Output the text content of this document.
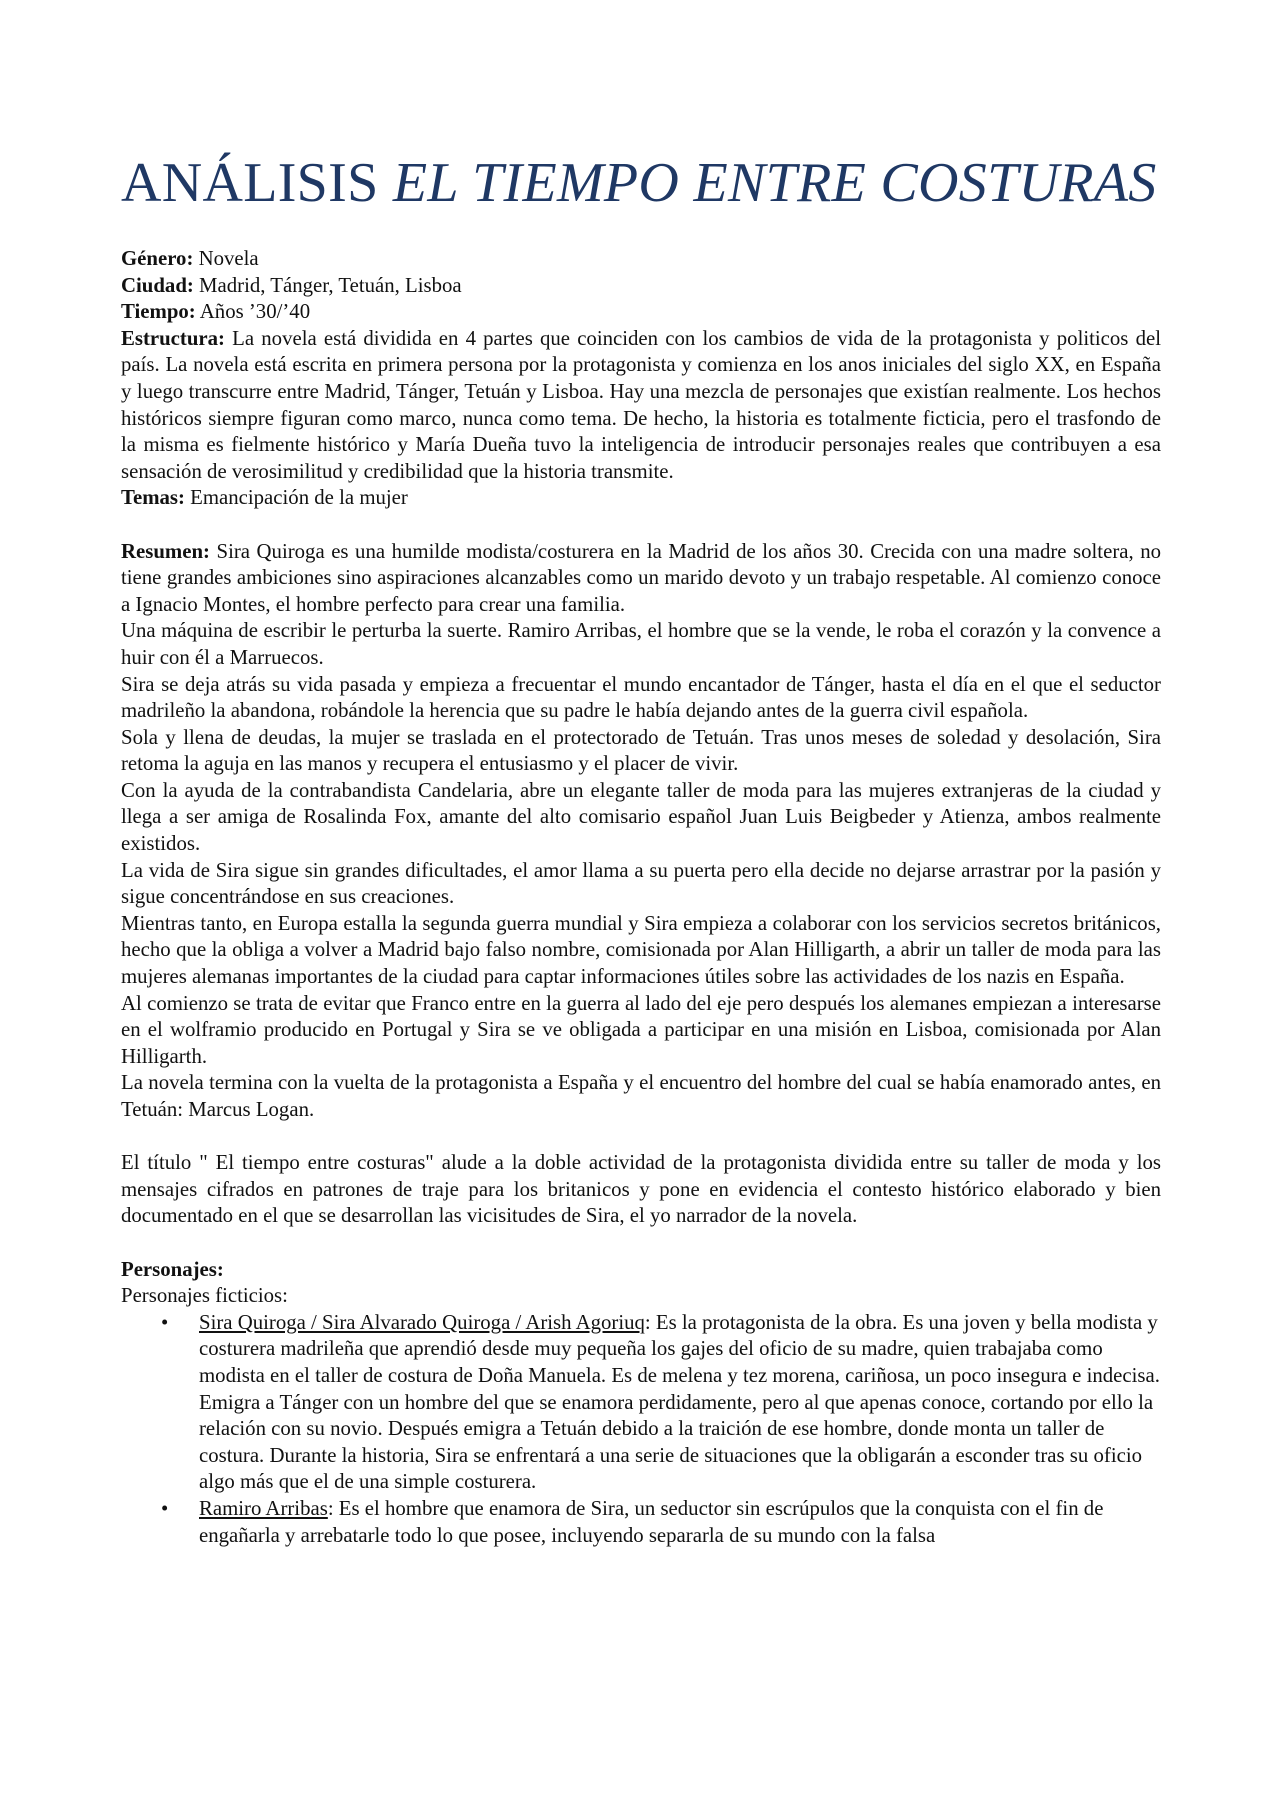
ANÁLISIS EL TIEMPO ENTRE COSTURAS

Género: Novela

Ciudad: Madrid, Tánger, Tetuán, Lisboa

Tiempo: Años ’30/’40

Estructura: La novela está dividida en 4 partes que coinciden con los cambios de vida de la protagonista y politicos del país. La novela está escrita en primera persona por la protagonista y comienza en los anos iniciales del siglo XX, en España y luego transcurre entre Madrid, Tánger, Tetuán y Lisboa. Hay una mezcla de personajes que existían realmente. Los hechos históricos siempre figuran como marco, nunca como tema. De hecho, la historia es totalmente ficticia, pero el trasfondo de la misma es fielmente histórico y María Dueña tuvo la inteligencia de introducir personajes reales que contribuyen a esa sensación de verosimilitud y credibilidad que la historia transmite.

Temas: Emancipación de la mujer

Resumen: Sira Quiroga es una humilde modista/costurera en la Madrid de los años 30. Crecida con una madre soltera, no tiene grandes ambiciones sino aspiraciones alcanzables como un marido devoto y un trabajo respetable. Al comienzo conoce a Ignacio Montes, el hombre perfecto para crear una familia.

Una máquina de escribir le perturba la suerte. Ramiro Arribas, el hombre que se la vende, le roba el corazón y la convence a huir con él a Marruecos.

Sira se deja atrás su vida pasada y empieza a frecuentar el mundo encantador de Tánger, hasta el día en el que el seductor madrileño la abandona, robándole la herencia que su padre le había dejando antes de la guerra civil española.

Sola y llena de deudas, la mujer se traslada en el protectorado de Tetuán. Tras unos meses de soledad y desolación, Sira retoma la aguja en las manos y recupera el entusiasmo y el placer de vivir.

Con la ayuda de la contrabandista Candelaria, abre un elegante taller de moda para las mujeres extranjeras de la ciudad y llega a ser amiga de Rosalinda Fox, amante del alto comisario español Juan Luis Beigbeder y Atienza, ambos realmente existidos.

La vida de Sira sigue sin grandes dificultades, el amor llama a su puerta pero ella decide no dejarse arrastrar por la pasión y sigue concentrándose en sus creaciones.

Mientras tanto, en Europa estalla la segunda guerra mundial y Sira empieza a colaborar con los servicios secretos británicos, hecho que la obliga a volver a Madrid bajo falso nombre, comisionada por Alan Hilligarth, a abrir un taller de moda para las mujeres alemanas importantes de la ciudad para captar informaciones útiles sobre las actividades de los nazis en España.

Al comienzo se trata de evitar que Franco entre en la guerra al lado del eje pero después los alemanes empiezan a interesarse en el wolframio producido en Portugal y Sira se ve obligada a participar en una misión en Lisboa, comisionada por Alan Hilligarth.

La novela termina con la vuelta de la protagonista a España y el encuentro del hombre del cual se había enamorado antes, en Tetuán: Marcus Logan.

El título " El tiempo entre costuras" alude a la doble actividad de la protagonista dividida entre su taller de moda y los mensajes cifrados en patrones de traje para los britanicos y pone en evidencia el contesto histórico elaborado y bien documentado en el que se desarrollan las vicisitudes de Sira, el yo narrador de la novela.

Personajes:

Personajes ficticios:

• Sira Quiroga / Sira Alvarado Quiroga / Arish Agoriuq: Es la protagonista de la obra. Es una joven y bella modista y costurera madrileña que aprendió desde muy pequeña los gajes del oficio de su madre, quien trabajaba como modista en el taller de costura de Doña Manuela. Es de melena y tez morena, cariñosa, un poco insegura e indecisa. Emigra a Tánger con un hombre del que se enamora perdidamente, pero al que apenas conoce, cortando por ello la relación con su novio. Después emigra a Tetuán debido a la traición de ese hombre, donde monta un taller de costura. Durante la historia, Sira se enfrentará a una serie de situaciones que la obligarán a esconder tras su oficio algo más que el de una simple costurera.
• Ramiro Arribas: Es el hombre que enamora de Sira, un seductor sin escrúpulos que la conquista con el fin de engañarla y arrebatarle todo lo que posee, incluyendo separarla de su mundo con la falsa
